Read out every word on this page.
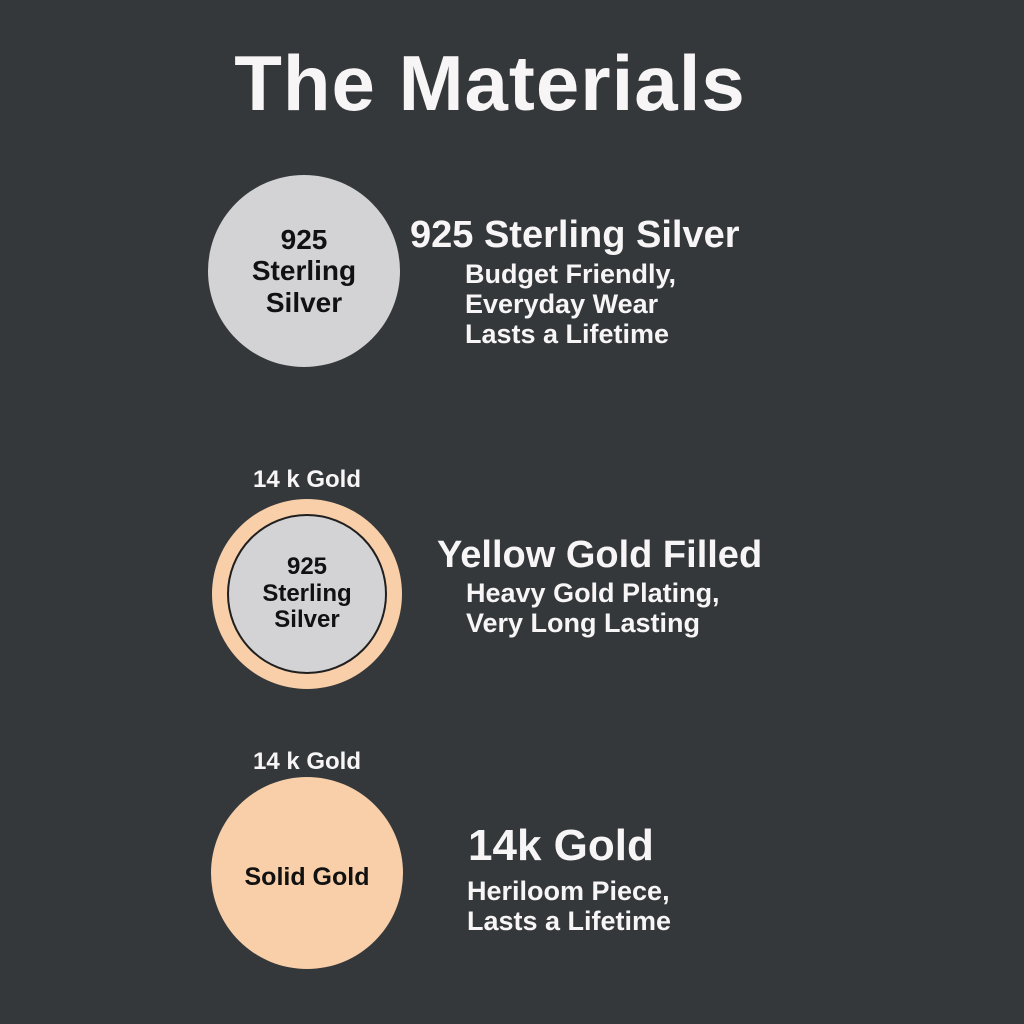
The Materials
925
Sterling
Silver
925 Sterling Silver
Budget Friendly,
Everyday Wear
Lasts a Lifetime
14 k Gold
925
Sterling
Silver
Yellow Gold Filled
Heavy Gold Plating,
Very Long Lasting
14 k Gold
Solid Gold
14k Gold
Heriloom Piece,
Lasts a Lifetime
